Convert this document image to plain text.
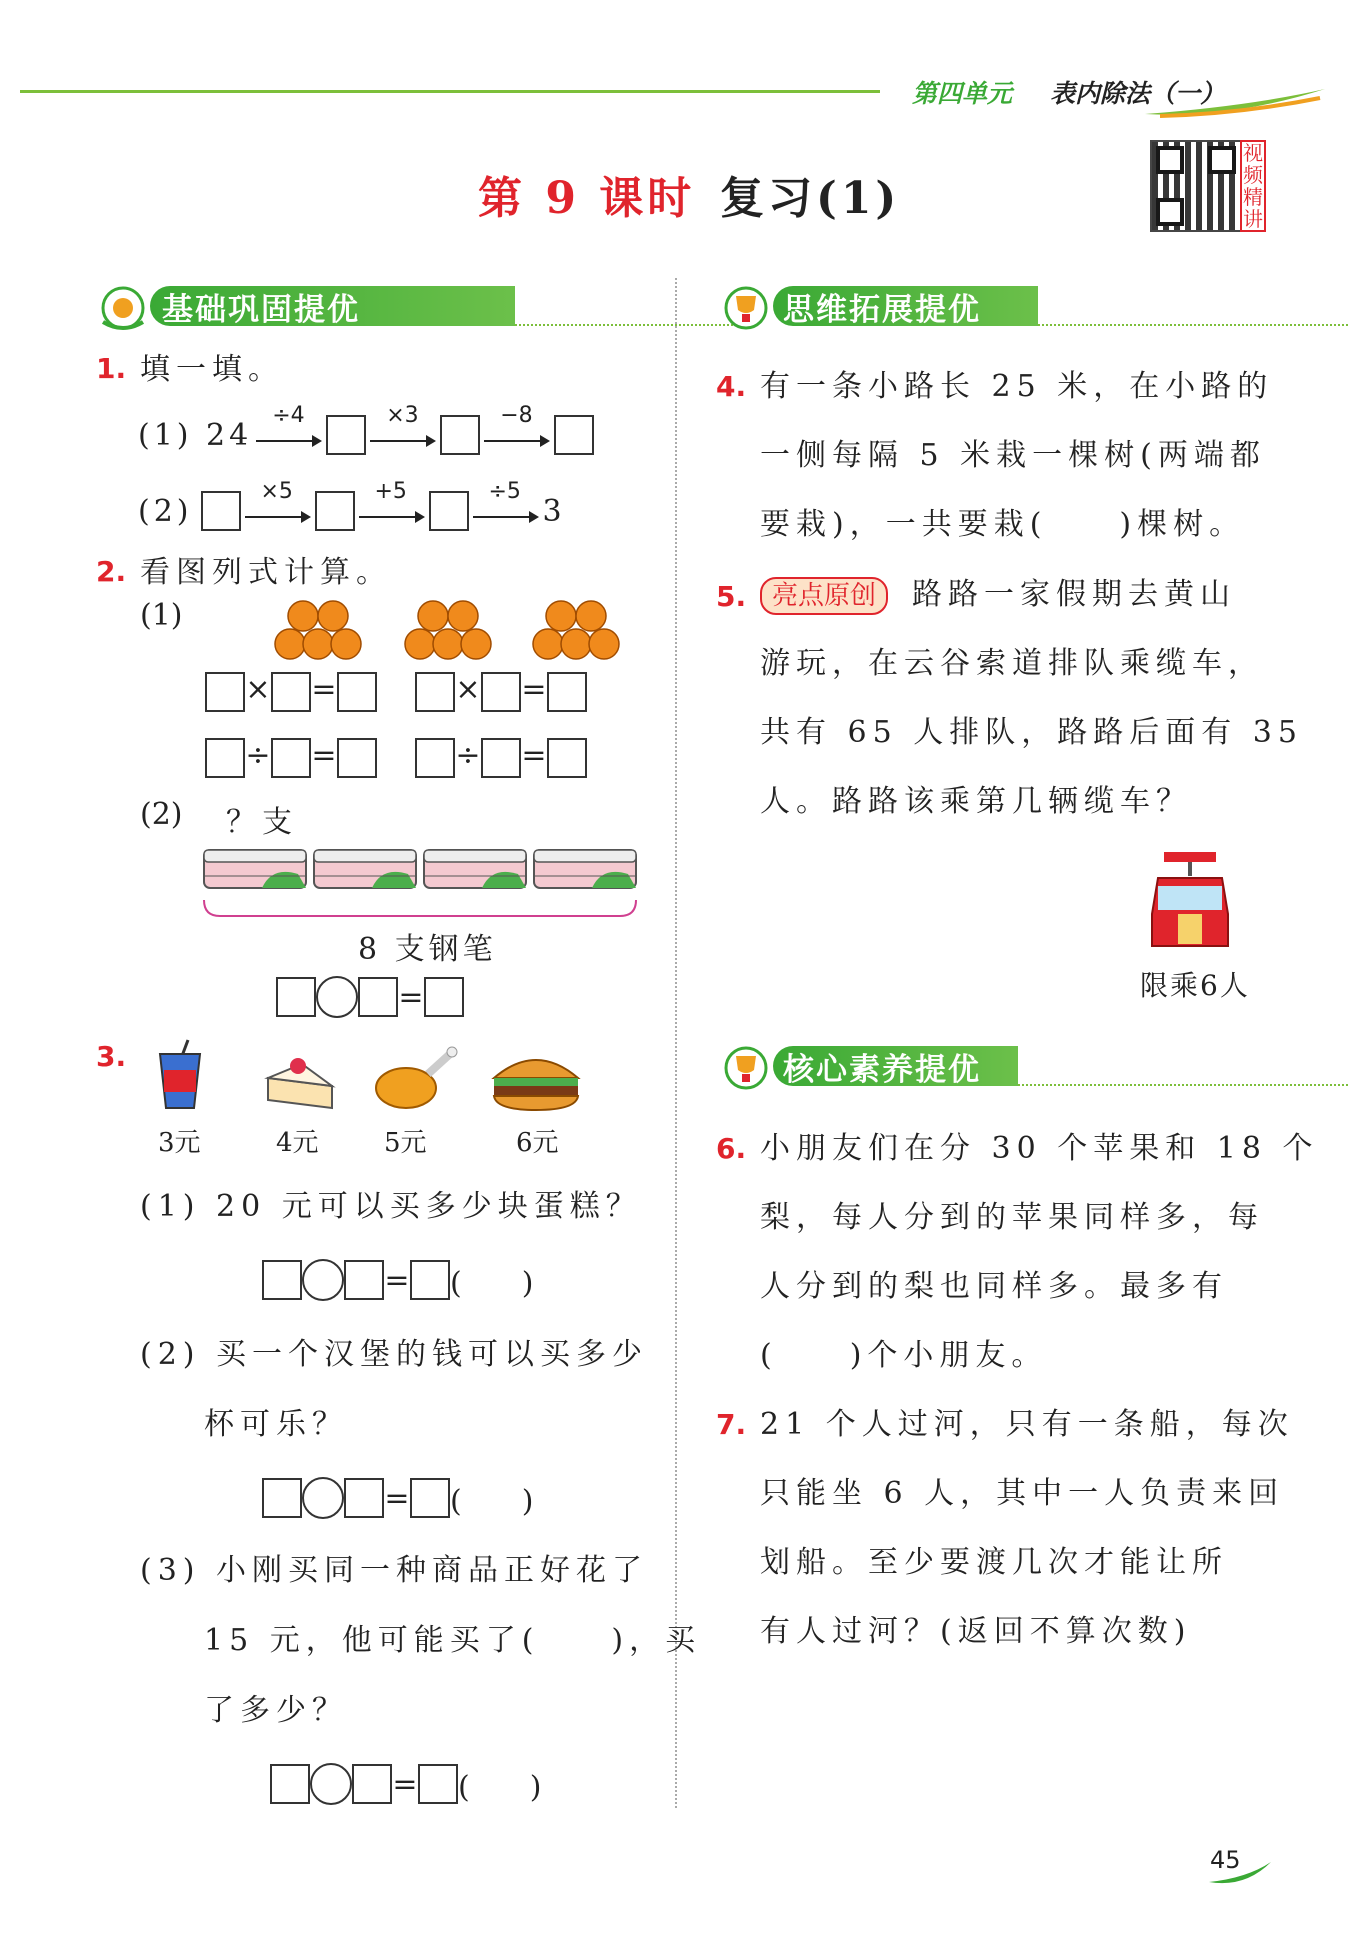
第四单元 表内除法（一）
视频精讲
第 9 课时 复习(1)
基础巩固提优
1. 填一填。
(1) 24
÷4	×3	−8
(2)
×5	+5	÷5
3
2. 看图列式计算。
(1)
× =	× =
÷ =	÷ =
(2) ？支
8 支钢笔
=
3.
3元	4元	5元	6元
(1) 20 元可以买多少块蛋糕？
= (　　)
(2) 买一个汉堡的钱可以买多少
杯可乐？
= (　　)
(3) 小刚买同一种商品正好花了
15 元，他可能买了(　　)，买
了多少？
= (　　)
思维拓展提优
4. 有一条小路长 25 米，在小路的
一侧每隔 5 米栽一棵树(两端都
要栽)，一共要栽(　　)棵树。
5. 亮点原创	路路一家假期去黄山
游玩，在云谷索道排队乘缆车，
共有 65 人排队，路路后面有 35
人。路路该乘第几辆缆车？
限乘6人
核心素养提优
6. 小朋友们在分 30 个苹果和 18 个
梨，每人分到的苹果同样多，每
人分到的梨也同样多。最多有
(　　)个小朋友。
7. 21 个人过河，只有一条船，每次
只能坐 6 人，其中一人负责来回
划船。至少要渡几次才能让所
有人过河？(返回不算次数)
45
